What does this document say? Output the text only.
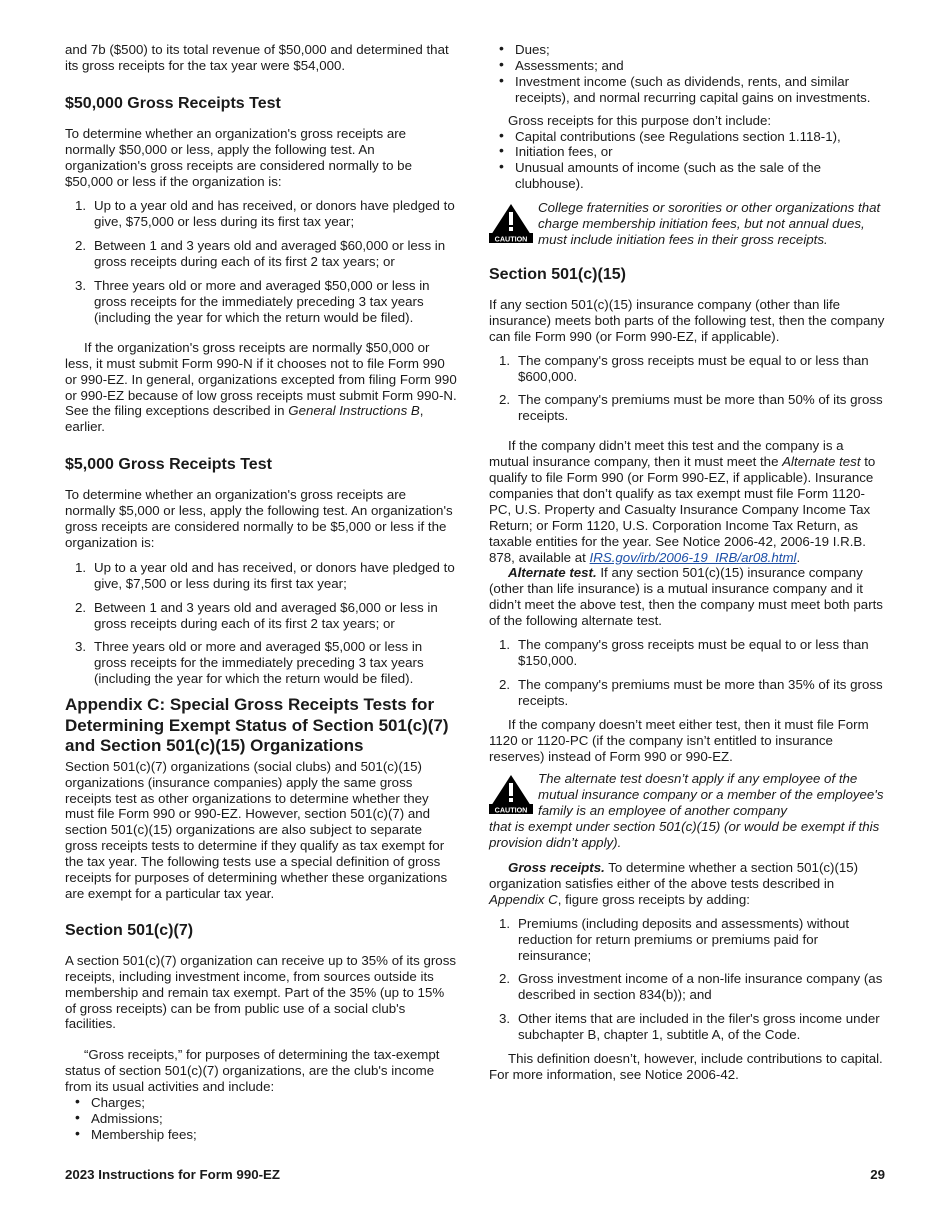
and 7b ($500) to its total revenue of $50,000 and determined that its gross receipts for the tax year were $54,000.

$50,000 Gross Receipts Test

To determine whether an organization's gross receipts are normally $50,000 or less, apply the following test. An organization's gross receipts are considered normally to be $50,000 or less if the organization is:

1. Up to a year old and has received, or donors have pledged to give, $75,000 or less during its first tax year;
2. Between 1 and 3 years old and averaged $60,000 or less in gross receipts during each of its first 2 tax years; or
3. Three years old or more and averaged $50,000 or less in gross receipts for the immediately preceding 3 tax years (including the year for which the return would be filed).

If the organization's gross receipts are normally $50,000 or less, it must submit Form 990-N if it chooses not to file Form 990 or 990-EZ. In general, organizations excepted from filing Form 990 or 990-EZ because of low gross receipts must submit Form 990-N. See the filing exceptions described in General Instructions B, earlier.

$5,000 Gross Receipts Test

To determine whether an organization's gross receipts are normally $5,000 or less, apply the following test. An organization's gross receipts are considered normally to be $5,000 or less if the organization is:

1. Up to a year old and has received, or donors have pledged to give, $7,500 or less during its first tax year;
2. Between 1 and 3 years old and averaged $6,000 or less in gross receipts during each of its first 2 tax years; or
3. Three years old or more and averaged $5,000 or less in gross receipts for the immediately preceding 3 tax years (including the year for which the return would be filed).
Appendix C: Special Gross Receipts Tests for Determining Exempt Status of Section 501(c)(7) and Section 501(c)(15) Organizations

Section 501(c)(7) organizations (social clubs) and 501(c)(15) organizations (insurance companies) apply the same gross receipts test as other organizations to determine whether they must file Form 990 or 990-EZ. However, section 501(c)(7) and section 501(c)(15) organizations are also subject to separate gross receipts tests to determine if they qualify as tax exempt for the tax year. The following tests use a special definition of gross receipts for purposes of determining whether these organizations are exempt for a particular tax year.

Section 501(c)(7)

A section 501(c)(7) organization can receive up to 35% of its gross receipts, including investment income, from sources outside its membership and remain tax exempt. Part of the 35% (up to 15% of gross receipts) can be from public use of a social club's facilities.

“Gross receipts,” for purposes of determining the tax-exempt status of section 501(c)(7) organizations, are the club's income from its usual activities and include:

• Charges;
• Admissions;
• Membership fees;
• Dues;
• Assessments; and
• Investment income (such as dividends, rents, and similar receipts), and normal recurring capital gains on investments.

Gross receipts for this purpose don’t include:

• Capital contributions (see Regulations section 1.118-1),
• Initiation fees, or
• Unusual amounts of income (such as the sale of the clubhouse).
CAUTION

College fraternities or sororities or other organizations that charge membership initiation fees, but not annual dues, must include initiation fees in their gross receipts.

Section 501(c)(15)

If any section 501(c)(15) insurance company (other than life insurance) meets both parts of the following test, then the company can file Form 990 (or Form 990-EZ, if applicable).

1. The company's gross receipts must be equal to or less than $600,000.
2. The company's premiums must be more than 50% of its gross receipts.

If the company didn’t meet this test and the company is a mutual insurance company, then it must meet the Alternate test to qualify to file Form 990 (or Form 990-EZ, if applicable). Insurance companies that don’t qualify as tax exempt must file Form 1120-PC, U.S. Property and Casualty Insurance Company Income Tax Return; or Form 1120, U.S. Corporation Income Tax Return, as taxable entities for the year. See Notice 2006-42, 2006-19 I.R.B. 878, available at IRS.gov/irb/2006-19_IRB/ar08.html.

Alternate test. If any section 501(c)(15) insurance company (other than life insurance) is a mutual insurance company and it didn’t meet the above test, then the company must meet both parts of the following alternate test.

1. The company's gross receipts must be equal to or less than $150,000.
2. The company's premiums must be more than 35% of its gross receipts.

If the company doesn’t meet either test, then it must file Form 1120 or 1120-PC (if the company isn’t entitled to insurance reserves) instead of Form 990 or 990-EZ.

CAUTION

The alternate test doesn’t apply if any employee of the mutual insurance company or a member of the employee's family is an employee of another company
that is exempt under section 501(c)(15) (or would be exempt if this provision didn’t apply).

Gross receipts. To determine whether a section 501(c)(15) organization satisfies either of the above tests described in Appendix C, figure gross receipts by adding:

1. Premiums (including deposits and assessments) without reduction for return premiums or premiums paid for reinsurance;
2. Gross investment income of a non-life insurance company (as described in section 834(b)); and
3. Other items that are included in the filer's gross income under subchapter B, chapter 1, subtitle A, of the Code.

This definition doesn’t, however, include contributions to capital. For more information, see Notice 2006-42.

2023 Instructions for Form 990-EZ	29
